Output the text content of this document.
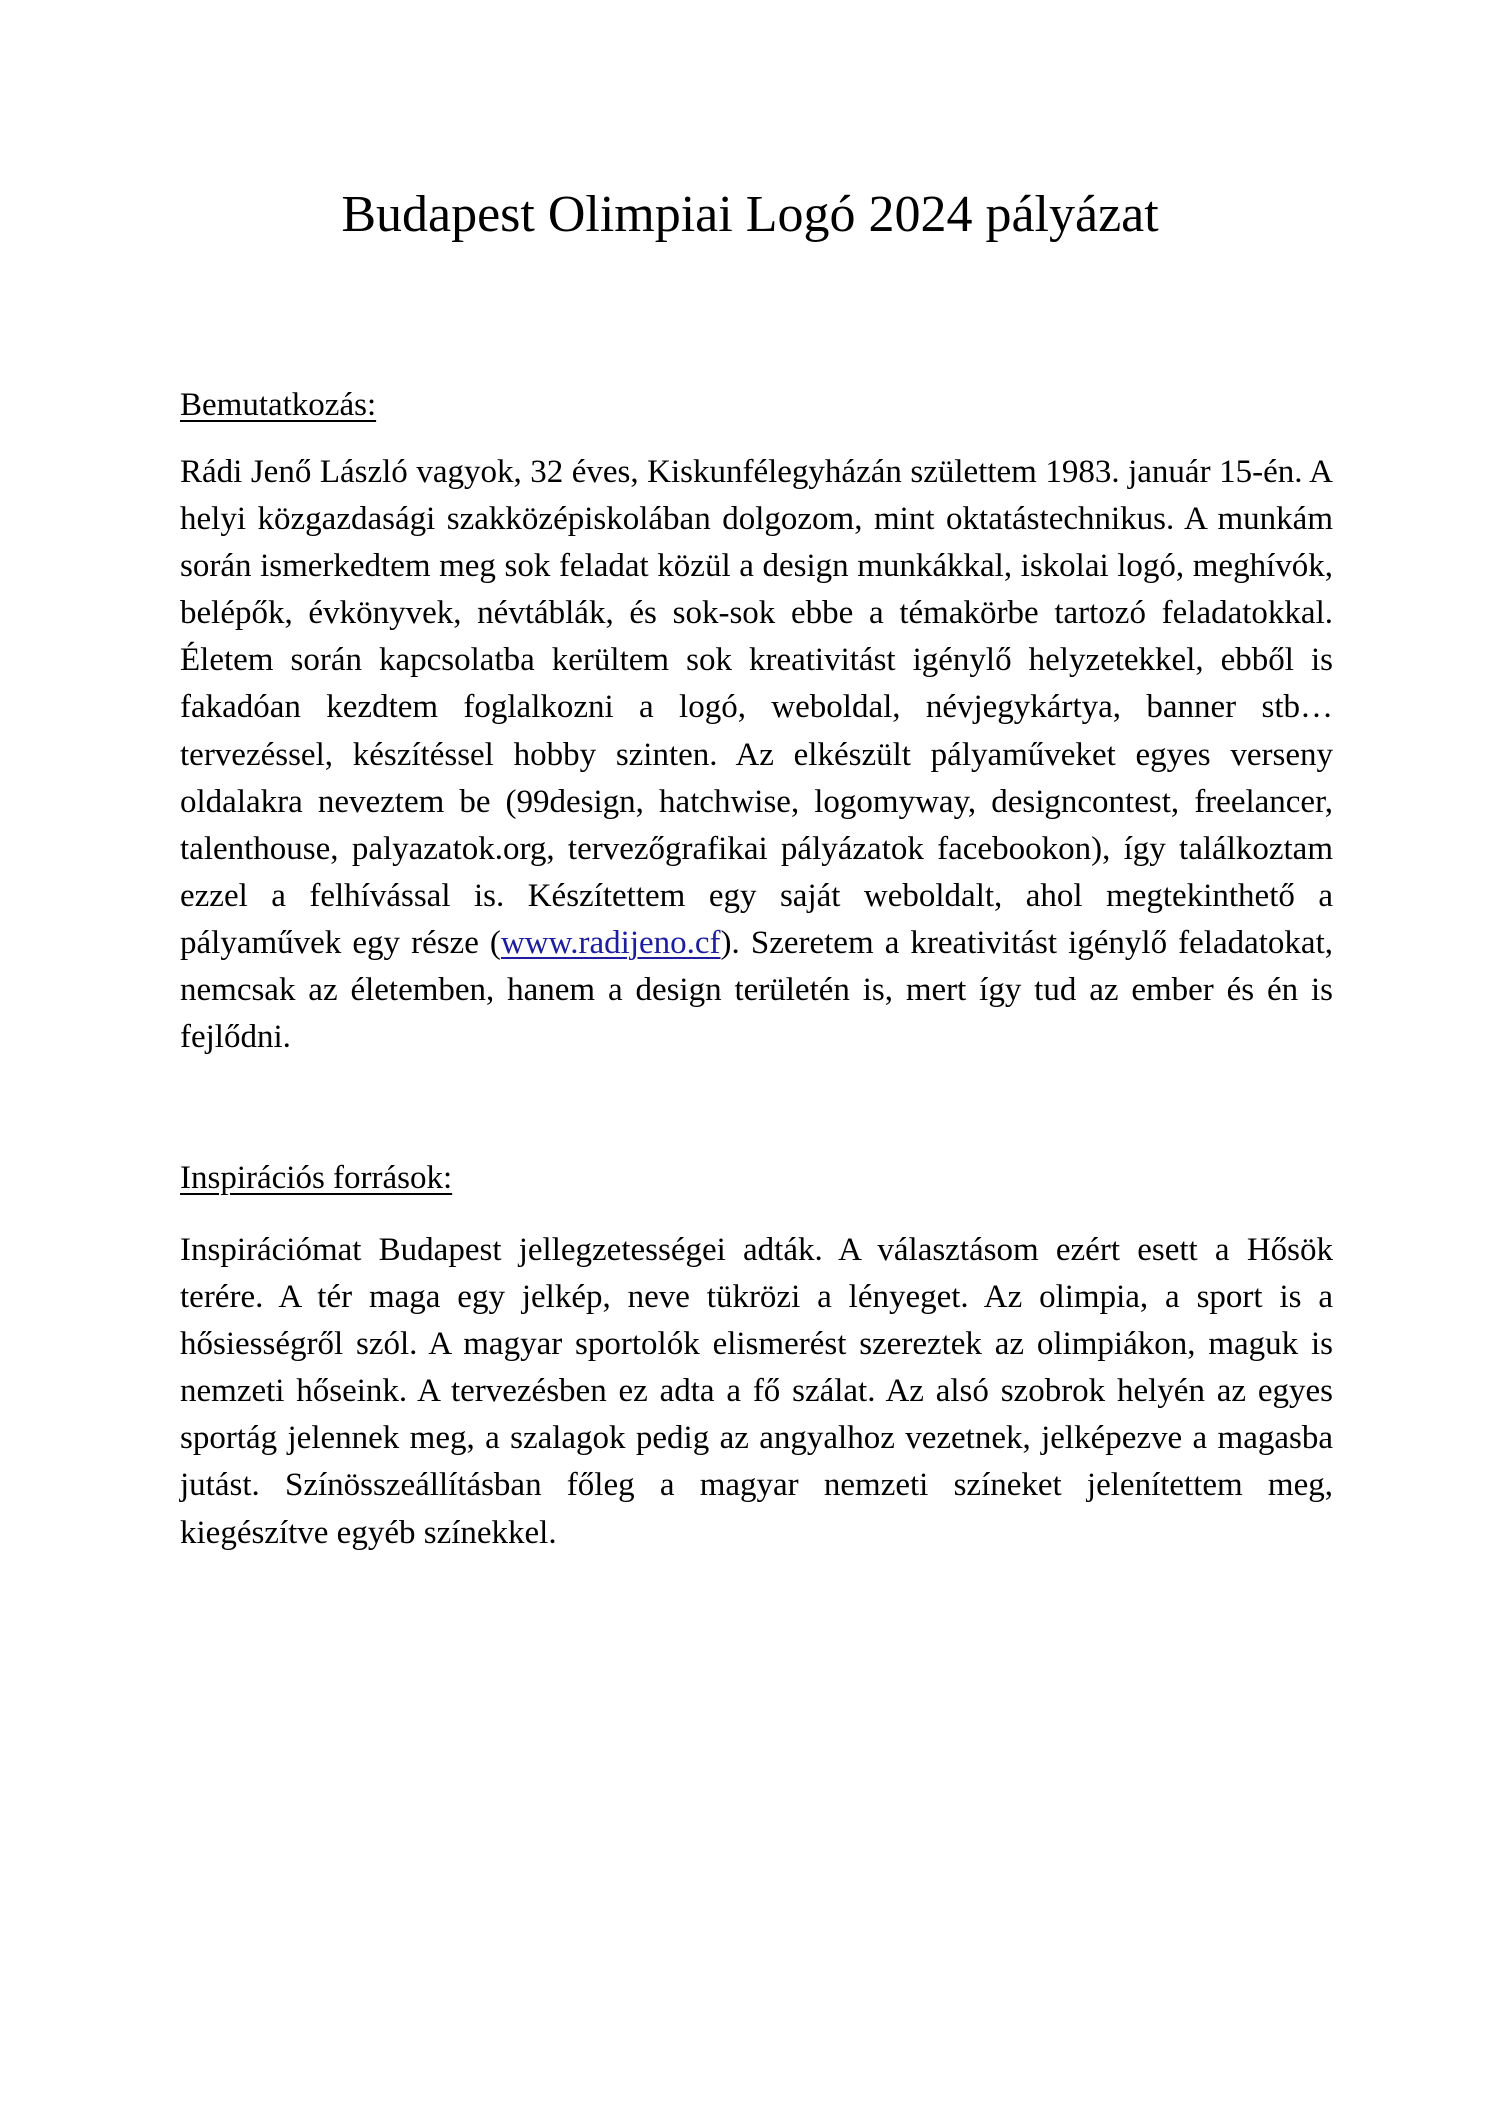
Budapest Olimpiai Logó 2024 pályázat
Bemutatkozás:

Rádi Jenő László vagyok, 32 éves, Kiskunfélegyházán születtem 1983. január 15-én. A helyi közgazdasági szakközépiskolában dolgozom, mint oktatástechnikus. A munkám során ismerkedtem meg sok feladat közül a design munkákkal, iskolai logó, meghívók, belépők, évkönyvek, névtáblák, és sok-sok ebbe a témakörbe tartozó feladatokkal. Életem során kapcsolatba kerültem sok kreativitást igénylő helyzetekkel, ebből is fakadóan kezdtem foglalkozni a logó, weboldal, névjegykártya, banner stb… tervezéssel, készítéssel hobby szinten. Az elkészült pályaműveket egyes verseny oldalakra neveztem be (99design, hatchwise, logomyway, designcontest, freelancer, talenthouse, palyazatok.org, tervezőgrafikai pályázatok facebookon), így találkoztam ezzel a felhívással is. Készítettem egy saját weboldalt, ahol megtekinthető a pályaművek egy része (www.radijeno.cf). Szeretem a kreativitást igénylő feladatokat, nemcsak az életemben, hanem a design területén is, mert így tud az ember és én is fejlődni.

Inspirációs források:

Inspirációmat Budapest jellegzetességei adták. A választásom ezért esett a Hősök terére. A tér maga egy jelkép, neve tükrözi a lényeget. Az olimpia, a sport is a hősiességről szól. A magyar sportolók elismerést szereztek az olimpiákon, maguk is nemzeti hőseink. A tervezésben ez adta a fő szálat. Az alsó szobrok helyén az egyes sportág jelennek meg, a szalagok pedig az angyalhoz vezetnek, jelképezve a magasba jutást. Színösszeállításban főleg a magyar nemzeti színeket jelenítettem meg, kiegészítve egyéb színekkel.
